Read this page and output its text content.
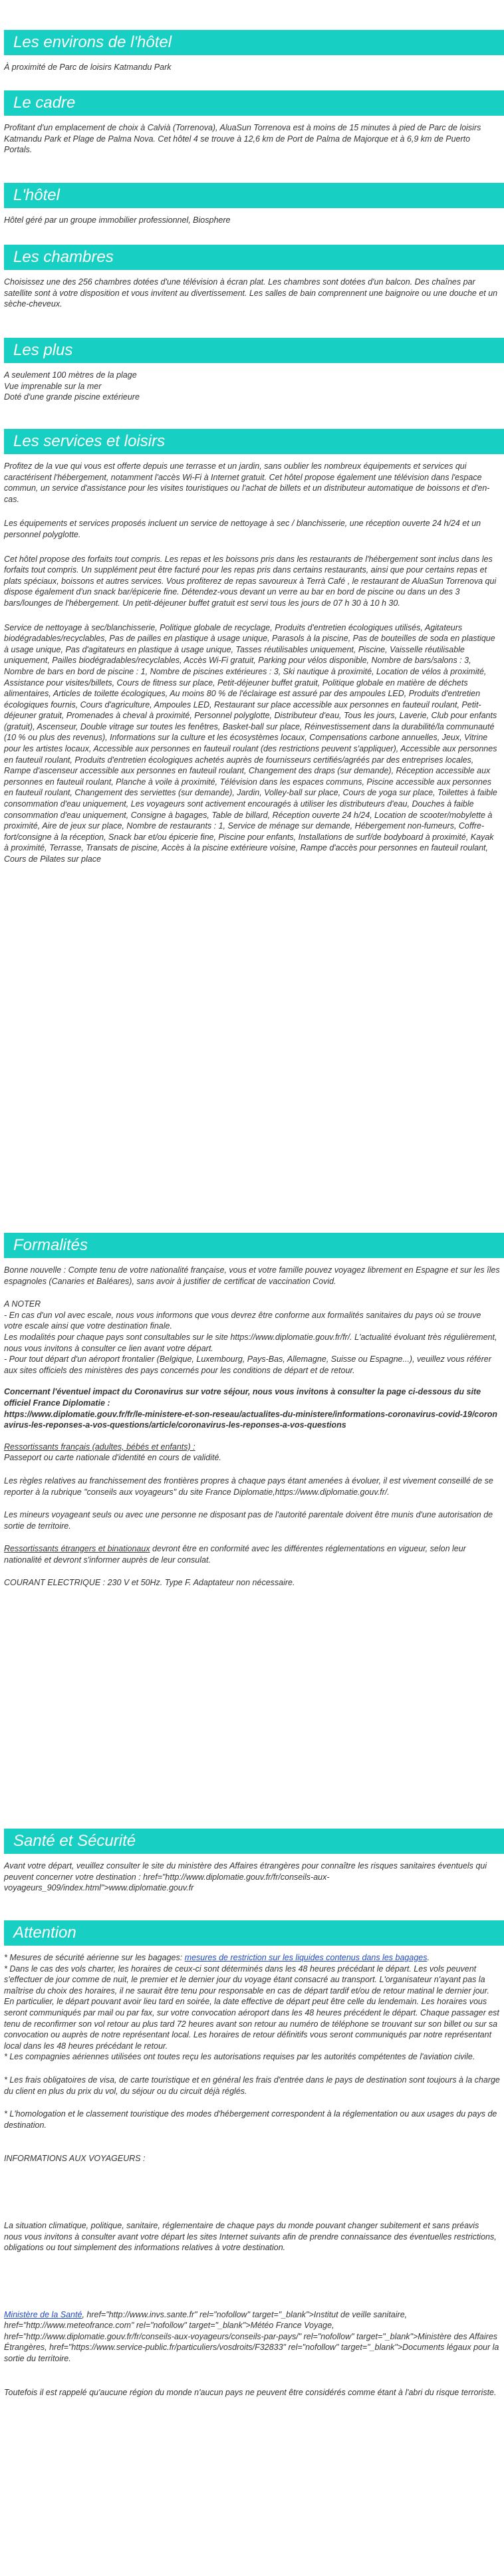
Les environs de l'hôtel

À proximité de Parc de loisirs Katmandu Park

Le cadre

Profitant d'un emplacement de choix à Calvià (Torrenova), AluaSun Torrenova est à moins de 15 minutes à pied de Parc de loisirs Katmandu Park et Plage de Palma Nova. Cet hôtel 4 se trouve à 12,6 km de Port de Palma de Majorque et à 6,9 km de Puerto Portals.

L'hôtel

Hôtel géré par un groupe immobilier professionnel, Biosphere

Les chambres

Choisissez une des 256 chambres dotées d'une télévision à écran plat. Les chambres sont dotées d'un balcon. Des chaînes par satellite sont à votre disposition et vous invitent au divertissement. Les salles de bain comprennent une baignoire ou une douche et un sèche-cheveux.

Les plus

A seulement 100 mètres de la plage

Vue imprenable sur la mer

Doté d'une grande piscine extérieure

Les services et loisirs

Profitez de la vue qui vous est offerte depuis une terrasse et un jardin, sans oublier les nombreux équipements et services qui caractérisent l'hébergement, notamment l'accès Wi-Fi à Internet gratuit. Cet hôtel propose également une télévision dans l'espace commun, un service d'assistance pour les visites touristiques ou l'achat de billets et un distributeur automatique de boissons et d'en-cas.

Les équipements et services proposés incluent un service de nettoyage à sec / blanchisserie, une réception ouverte 24 h/24 et un personnel polyglotte.

Cet hôtel propose des forfaits tout compris. Les repas et les boissons pris dans les restaurants de l'hébergement sont inclus dans les forfaits tout compris. Un supplément peut être facturé pour les repas pris dans certains restaurants, ainsi que pour certains repas et plats spéciaux, boissons et autres services. Vous profiterez de repas savoureux à Terrà Café , le restaurant de AluaSun Torrenova qui dispose également d'un snack bar/épicerie fine. Détendez-vous devant un verre au bar en bord de piscine ou dans un des 3 bars/lounges de l'hébergement. Un petit-déjeuner buffet gratuit est servi tous les jours de 07 h 30 à 10 h 30.

Service de nettoyage à sec/blanchisserie, Politique globale de recyclage, Produits d'entretien écologiques utilisés, Agitateurs biodégradables/recyclables, Pas de pailles en plastique à usage unique, Parasols à la piscine, Pas de bouteilles de soda en plastique à usage unique, Pas d'agitateurs en plastique à usage unique, Tasses réutilisables uniquement, Piscine, Vaisselle réutilisable uniquement, Pailles biodégradables/recyclables, Accès Wi-Fi gratuit, Parking pour vélos disponible, Nombre de bars/salons : 3, Nombre de bars en bord de piscine : 1, Nombre de piscines extérieures : 3, Ski nautique à proximité, Location de vélos à proximité, Assistance pour visites/billets, Cours de fitness sur place, Petit-déjeuner buffet gratuit, Politique globale en matière de déchets alimentaires, Articles de toilette écologiques, Au moins 80 % de l'éclairage est assuré par des ampoules LED, Produits d'entretien écologiques fournis, Cours d'agriculture, Ampoules LED, Restaurant sur place accessible aux personnes en fauteuil roulant, Petit-déjeuner gratuit, Promenades à cheval à proximité, Personnel polyglotte, Distributeur d'eau, Tous les jours, Laverie, Club pour enfants (gratuit), Ascenseur, Double vitrage sur toutes les fenêtres, Basket-ball sur place, Réinvestissement dans la durabilité/la communauté (10 % ou plus des revenus), Informations sur la culture et les écosystèmes locaux, Compensations carbone annuelles, Jeux, Vitrine pour les artistes locaux, Accessible aux personnes en fauteuil roulant (des restrictions peuvent s'appliquer), Accessible aux personnes en fauteuil roulant, Produits d'entretien écologiques achetés auprès de fournisseurs certifiés/agréés par des entreprises locales, Rampe d'ascenseur accessible aux personnes en fauteuil roulant, Changement des draps (sur demande), Réception accessible aux personnes en fauteuil roulant, Planche à voile à proximité, Télévision dans les espaces communs, Piscine accessible aux personnes en fauteuil roulant, Changement des serviettes (sur demande), Jardin, Volley-ball sur place, Cours de yoga sur place, Toilettes à faible consommation d'eau uniquement, Les voyageurs sont activement encouragés à utiliser les distributeurs d'eau, Douches à faible consommation d'eau uniquement, Consigne à bagages, Table de billard, Réception ouverte 24 h/24, Location de scooter/mobylette à proximité, Aire de jeux sur place, Nombre de restaurants : 1, Service de ménage sur demande, Hébergement non-fumeurs, Coffre-fort/consigne à la réception, Snack bar et/ou épicerie fine, Piscine pour enfants, Installations de surf/de bodyboard à proximité, Kayak à proximité, Terrasse, Transats de piscine, Accès à la piscine extérieure voisine, Rampe d'accès pour personnes en fauteuil roulant, Cours de Pilates sur place

Formalités

Bonne nouvelle : Compte tenu de votre nationalité française, vous et votre famille pouvez voyagez librement en Espagne et sur les îles espagnoles (Canaries et Baléares), sans avoir à justifier de certificat de vaccination Covid.

A NOTER

- En cas d'un vol avec escale, nous vous informons que vous devrez être conforme aux formalités sanitaires du pays où se trouve votre escale ainsi que votre destination finale.

Les modalités pour chaque pays sont consultables sur le site https://www.diplomatie.gouv.fr/fr/. L'actualité évoluant très régulièrement, nous vous invitons à consulter ce lien avant votre départ.

- Pour tout départ d'un aéroport frontalier (Belgique, Luxembourg, Pays-Bas, Allemagne, Suisse ou Espagne...), veuillez vous référer aux sites officiels des ministères des pays concernés pour les conditions de départ et de retour.

Concernant l'éventuel impact du Coronavirus sur votre séjour, nous vous invitons à consulter la page ci-dessous du site officiel France Diplomatie :

https://www.diplomatie.gouv.fr/fr/le-ministere-et-son-reseau/actualites-du-ministere/informations-coronavirus-covid-19/coronavirus-les-reponses-a-vos-questions/article/coronavirus-les-reponses-a-vos-questions

Ressortissants français (adultes, bébés et enfants) :

Passeport ou carte nationale d'identité en cours de validité.

Les règles relatives au franchissement des frontières propres à chaque pays étant amenées à évoluer, il est vivement conseillé de se reporter à la rubrique "conseils aux voyageurs" du site France Diplomatie,https://www.diplomatie.gouv.fr/.

Les mineurs voyageant seuls ou avec une personne ne disposant pas de l'autorité parentale doivent être munis d'une autorisation de sortie de territoire.

Ressortissants étrangers et binationaux devront être en conformité avec les différentes réglementations en vigueur, selon leur nationalité et devront s'informer auprès de leur consulat.

COURANT ELECTRIQUE : 230 V et 50Hz. Type F. Adaptateur non nécessaire.

Santé et Sécurité

Avant votre départ, veuillez consulter le site du ministère des Affaires étrangères pour connaître les risques sanitaires éventuels qui peuvent concerner votre destination : href="http://www.diplomatie.gouv.fr/fr/conseils-aux-voyageurs_909/index.html">www.diplomatie.gouv.fr

Attention

* Mesures de sécurité aérienne sur les bagages: mesures de restriction sur les liquides contenus dans les bagages.

* Dans le cas des vols charter, les horaires de ceux-ci sont déterminés dans les 48 heures précédant le départ. Les vols peuvent s'effectuer de jour comme de nuit, le premier et le dernier jour du voyage étant consacré au transport. L'organisateur n'ayant pas la maîtrise du choix des horaires, il ne saurait être tenu pour responsable en cas de départ tardif et/ou de retour matinal le dernier jour. En particulier, le départ pouvant avoir lieu tard en soirée, la date effective de départ peut être celle du lendemain. Les horaires vous seront communiqués par mail ou par fax, sur votre convocation aéroport dans les 48 heures précédent le départ. Chaque passager est tenu de reconfirmer son vol retour au plus tard 72 heures avant son retour au numéro de téléphone se trouvant sur son billet ou sur sa convocation ou auprès de notre représentant local. Les horaires de retour définitifs vous seront communiqués par notre représentant local dans les 48 heures précédant le retour.

* Les compagnies aériennes utilisées ont toutes reçu les autorisations requises par les autorités compétentes de l'aviation civile.

* Les frais obligatoires de visa, de carte touristique et en général les frais d'entrée dans le pays de destination sont toujours à la charge du client en plus du prix du vol, du séjour ou du circuit déjà réglés.

* L'homologation et le classement touristique des modes d'hébergement correspondent à la réglementation ou aux usages du pays de destination.

INFORMATIONS AUX VOYAGEURS :

La situation climatique, politique, sanitaire, réglementaire de chaque pays du monde pouvant changer subitement et sans préavis
nous vous invitons à consulter avant votre départ les sites Internet suivants afin de prendre connaissance des éventuelles restrictions, obligations ou tout simplement des informations relatives à votre destination.

Ministère de la Santé, href="http://www.invs.sante.fr" rel="nofollow" target="_blank">Institut de veille sanitaire, href="http://www.meteofrance.com" rel="nofollow" target="_blank">Météo France Voyage, href="http://www.diplomatie.gouv.fr/fr/conseils-aux-voyageurs/conseils-par-pays/" rel="nofollow" target="_blank">Ministère des Affaires Étrangères, href="https://www.service-public.fr/particuliers/vosdroits/F32833" rel="nofollow" target="_blank">Documents légaux pour la sortie du territoire.

Toutefois il est rappelé qu'aucune région du monde n'aucun pays ne peuvent être considérés comme étant à l'abri du risque terroriste.
